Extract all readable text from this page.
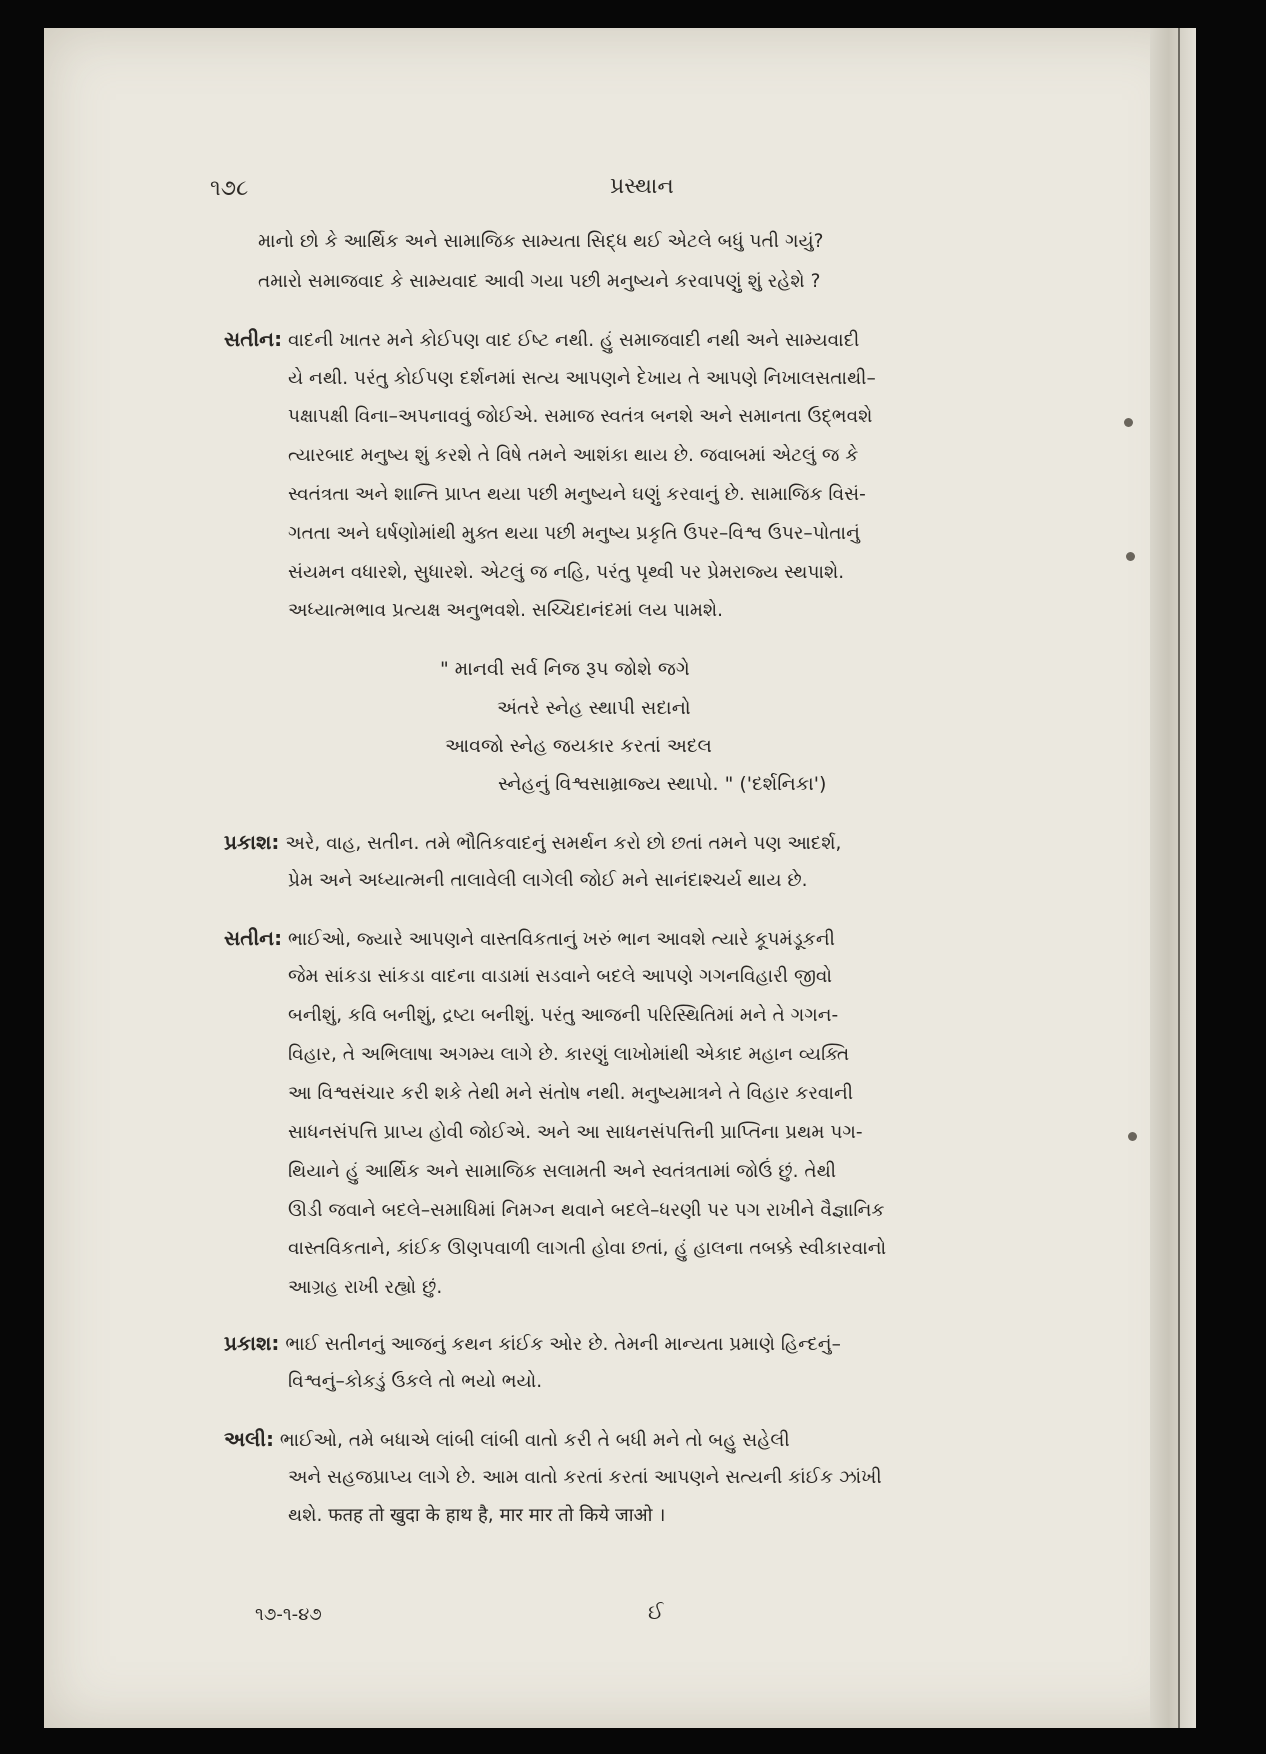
૧૭૮	પ્રસ્થાન
માનો છો કે આર્થિક અને સામાજિક સામ્યતા સિદ્ધ થઈ એટલે બધું પતી ગયું?
તમારો સમાજવાદ કે સામ્યવાદ આવી ગયા પછી મનુષ્યને કરવાપણું શું રહેશે ?
સતીન: વાદની ખાતર મને કોઈપણ વાદ ઈષ્ટ નથી. હું સમાજવાદી નથી અને સામ્યવાદી
યે નથી. પરંતુ કોઈપણ દર્શનમાં સત્ય આપણને દેખાય તે આપણે નિખાલસતાથી–
પક્ષાપક્ષી વિના–અપનાવવું જોઈએ. સમાજ સ્વતંત્ર બનશે અને સમાનતા ઉદ્‌ભવશે
ત્યારબાદ મનુષ્ય શું કરશે તે વિષે તમને આશંકા થાય છે. જવાબમાં એટલું જ કે
સ્વતંત્રતા અને શાન્તિ પ્રાપ્ત થયા પછી મનુષ્યને ઘણું કરવાનું છે. સામાજિક વિસં-
ગતતા અને ઘર્ષણોમાંથી મુક્ત થયા પછી મનુષ્ય પ્રકૃતિ ઉપર–વિશ્વ ઉપર–પોતાનું
સંયમન વધારશે, સુધારશે. એટલું જ નહિ, પરંતુ પૃથ્વી પર પ્રેમરાજ્ય સ્થપાશે.
અધ્યાત્મભાવ પ્રત્યક્ષ અનુભવશે. સચ્ચિદાનંદમાં લય પામશે.
" માનવી સર્વ નિજ રૂપ જોશે જગે
અંતરે સ્નેહ સ્થાપી સદાનો
આવજો સ્નેહ જયકાર કરતાં અદલ
સ્નેહનું વિશ્વસામ્રાજ્ય સ્થાપો. " ('દર્શનિકા')
પ્રકાશ: અરે, વાહ, સતીન. તમે ભૌતિકવાદનું સમર્થન કરો છો છતાં તમને પણ આદર્શ,
પ્રેમ અને અધ્યાત્મની તાલાવેલી લાગેલી જોઈ મને સાનંદાશ્ચર્ય થાય છે.
સતીન: ભાઈઓ, જ્યારે આપણને વાસ્તવિકતાનું ખરું ભાન આવશે ત્યારે કૂપમંડૂકની
જેમ સાંકડા સાંકડા વાદના વાડામાં સડવાને બદલે આપણે ગગનવિહારી જીવો
બનીશું, કવિ બનીશું, દ્રષ્ટા બનીશું. પરંતુ આજની પરિસ્થિતિમાં મને તે ગગન-
વિહાર, તે અભિલાષા અગમ્ય લાગે છે. કારણું લાખોમાંથી એકાદ મહાન વ્યક્તિ
આ વિશ્વસંચાર કરી શકે તેથી મને સંતોષ નથી. મનુષ્યમાત્રને તે વિહાર કરવાની
સાધનસંપત્તિ પ્રાપ્ય હોવી જોઈએ. અને આ સાધનસંપત્તિની પ્રાપ્તિના પ્રથમ પગ-
થિયાને હું આર્થિક અને સામાજિક સલામતી અને સ્વતંત્રતામાં જોઉં છું. તેથી
ઊડી જવાને બદલે–સમાધિમાં નિમગ્ન થવાને બદલે–ધરણી પર પગ રાખીને વૈજ્ઞાનિક
વાસ્તવિકતાને, કાંઈક ઊણપવાળી લાગતી હોવા છતાં, હું હાલના તબક્કે સ્વીકારવાનો
આગ્રહ રાખી રહ્યો છું.
પ્રકાશ: ભાઈ સતીનનું આજનું કથન કાંઈક ઓર છે. તેમની માન્યતા પ્રમાણે હિન્દનું–
વિશ્વનું–કોકડું ઉકલે તો ભયો ભયો.
અલી: ભાઈઓ, તમે બધાએ લાંબી લાંબી વાતો કરી તે બધી મને તો બહુ સહેલી
અને સહજપ્રાપ્ય લાગે છે. આમ વાતો કરતાં કરતાં આપણને સત્યની કાંઈક ઝાંખી
થશે. फतह तो खुदा के हाथ है, मार मार तो किये जाओ ।
૧૭-૧-૪૭	ઈ
